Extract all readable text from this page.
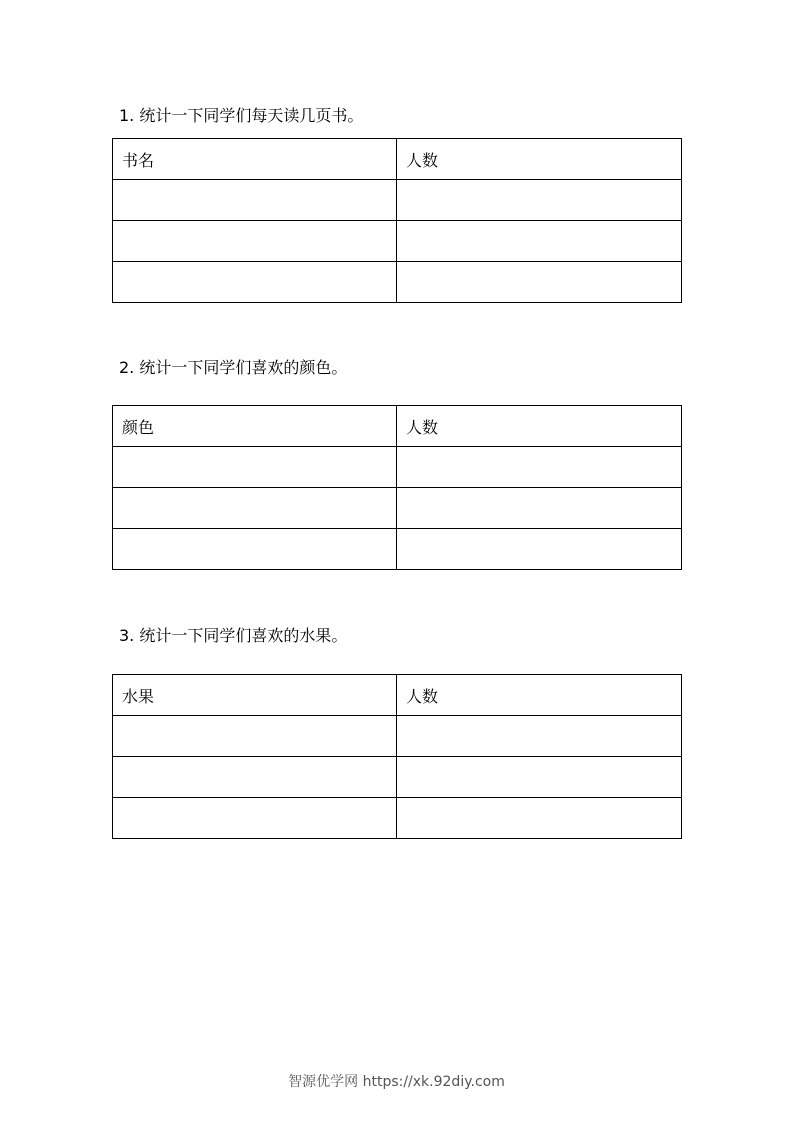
1. 统计一下同学们每天读几页书。
书名	人数

2. 统计一下同学们喜欢的颜色。
颜色	人数

3. 统计一下同学们喜欢的水果。
水果	人数

智源优学网 https://xk.92diy.com
